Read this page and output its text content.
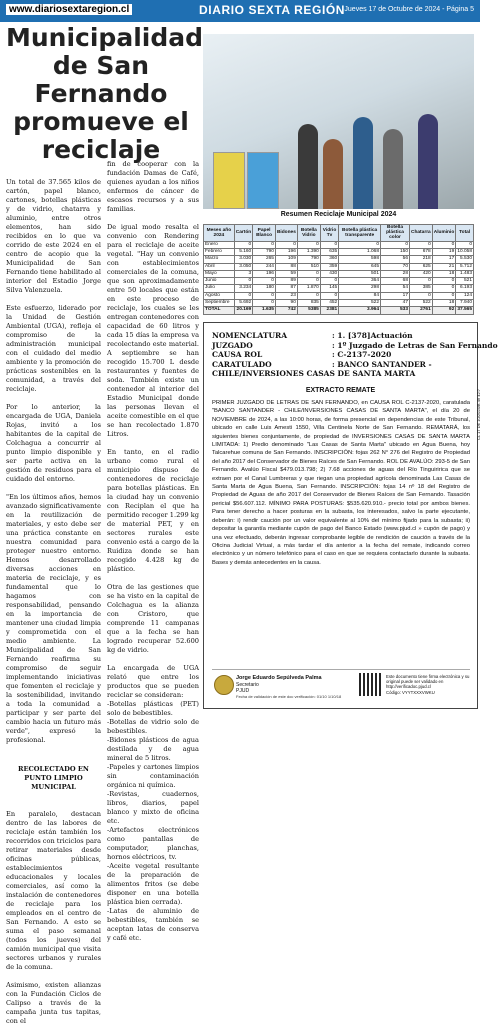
www.diariosextaregion.cl	DIARIO SEXTA REGIÓN Jueves 17 de Octubre de 2024 - Página 5
Municipalidad de San Fernando promueve el reciclaje

Un total de 37.565 kilos de cartón, papel blanco, cartones, botellas plásticas y de vidrio, chatarra y aluminio, entre otros elementos, han sido recibidos en lo que va corrido de este 2024 en el centro de acopio que la Municipalidad de San Fernando tiene habilitado al interior del Estadio Jorge Silva Valenzuela.

Este esfuerzo, liderado por la Unidad de Gestión Ambiental (UGA), refleja el compromiso de la administración municipal con el cuidado del medio ambiente y la promoción de prácticas sostenibles en la comunidad, a través del reciclaje.

Por lo anterior, la encargada de UGA, Daniela Rojas, invitó a los habitantes de la capital de Colchagua a concurrir al punto limpio disponible y ser parte activa en la gestión de residuos para el cuidado del entorno.

"En los últimos años, hemos avanzado significativamente en la reutilización de materiales, y esto debe ser una práctica constante en nuestra comunidad para proteger nuestro entorno. Hemos desarrollado diversas acciones en materia de reciclaje, y es fundamental que lo hagamos con responsabilidad, pensando en la importancia de mantener una ciudad limpia y comprometida con el medio ambiente. La Municipalidad de San Fernando reafirma su compromiso de seguir implementando iniciativas que fomenten el reciclaje y la sostenibilidad, invitando a toda la comunidad a participar y ser parte del cambio hacia un futuro más verde", expresó la profesional.

RECOLECTADO EN PUNTO LIMPIO MUNICIPAL

En paralelo, destacan dentro de las labores de reciclaje están también los recorridos con triciclos para retirar materiales desde oficinas públicas, establecimientos educacionales y locales comerciales, así como la instalación de contenedores de reciclaje para los empleados en el centro de San Fernando. A esto se suma el paso semanal (todos los jueves) del camión municipal que visita sectores urbanos y rurales de la comuna.

Asimismo, existen alianzas con la Fundación Ciclos de Calipso a través de la campaña junta tus tapitas, con el

fin de cooperar con la fundación Damas de Café, quienes ayudan a los niños enfermos de cáncer de escasos recursos y a sus familias.

De igual modo resalta el convenio con Rendering para el reciclaje de aceite vegetal. "Hay un convenio con establecimientos comerciales de la comuna, que son aproximadamente entre 50 locales que están en este proceso de reciclaje, los cuales se les entregan contenedores con capacidad de 60 litros y cada 15 días la empresa va recolectando este material. A septiembre se han recogido 15.700 L desde restaurantes y fuentes de soda. También existe un contenedor al interior del Estadio Municipal donde las personas llevan el aceite comestible en el que se han recolectado 1.870 Litros.

En tanto, en el radio urbano como rural el municipio dispuso de contenedores de reciclaje para botellas plásticas. En la ciudad hay un convenio con Reciplan el que ha permitido recoger 1.299 kg de material PET, y en sectores rurales este convenio está a cargo de la Ruidiza donde se han recogido 4.428 kg de plástico.

Otra de las gestiones que se ha visto en la capital de Colchagua es la alianza con Cristoro, que comprende 11 campanas que a la fecha se han logrado recuperar 52.600 kg de vidrio.

La encargada de UGA relató que entre los productos que se pueden reciclar se consideran:
-Botellas plásticas (PET) solo de bebestibles.
-Botellas de vidrio solo de bebestibles.
-Bidones plásticos de agua destilada y de agua mineral de 5 litros.
-Papeles y cartones limpios sin contaminación orgánica ni química.
-Revistas, cuadernos, libros, diarios, papel blanco y mixto de oficina etc.
-Artefactos electrónicos como pantallas de computador, planchas, hornos eléctricos, tv.
-Aceite vegetal resultante de la preparación de alimentos fritos (se debe disponer en una botella plástica bien cerrada).
-Latas de aluminio de bebestibles, también se aceptan latas de conserva y café etc.
Resumen Reciclaje Municipal 2024
Meses año 2024	Cartón	Papel Blanco	Bidones	Botella Vidrio	Vidrio Tv	Botella plástica transparente	Botella plástica color	Chatarra	Aluminio	Total
Enero	0	0	0	0	0	0	0	0	0	0
Febrero	5.160	790	196	1.390	635	1.068	150	678	19	10.058
Marzo	3.030	265	109	790	360	598	56	218	17	5.530
Abril	3.050	244	88	510	359	645	70	625	21	5.712
Mayo	3	196	59	0	430	501	28	420	18	1.483
Junio	0	0	89	0	0	364	68	0	0	521
Julio	3.234	180	87	1.870	145	298	54	385	0	6.193
Agosto	0	0	23	0	0	84	17	0	0	124
Septiembre	5.692	0	90	835	452	522	47	522	18	7.940
TOTAL	20.169	1.635	742	5385	2381	3.964	533	2761	92	37.565
NOMENCLATURA	: 1. [378]Actuación
JUZGADO	: 1º Juzgado de Letras de San Fernando
CAUSA ROL	: C-2137-2020
CARATULADO	: BANCO SANTANDER -
CHILE/INVERSIONES CASAS DE SANTA MARTA
EXTRACTO REMATE
PRIMER JUZGADO DE LETRAS DE SAN FERNANDO, en CAUSA ROL C-2137-2020, caratulada "BANCO SANTANDER - CHILE/INVERSIONES CASAS DE SANTA MARTA", el día 20 de NOVIEMBRE de 2024, a las 10:00 horas, de forma presencial en dependencias de este Tribunal, ubicado en calle Luis Amesti 1550, Villa Centinela Norte de San Fernando. REMATARÁ, los siguientes bienes conjuntamente, de propiedad de INVERSIONES CASAS DE SANTA MARTA LIMITADA: 1) Predio denominado "Las Casas de Santa Marta" ubicado en Agua Buena, hoy Talcarehue comuna de San Fernando. INSCRIPCIÓN: fojas 262 N° 276 del Registro de Propiedad del año 2017 del Conservador de Bienes Raíces de San Fernando. ROL DE AVALÚO: 293-5 de San Fernando. Avalúo Fiscal $479.013.798; 2) 7.68 acciones de aguas del Río Tinguiririca que se extraen por el Canal Lumbreras y que riegan una propiedad agrícola denominada Las Casas de Santa Marta de Agua Buena, San Fernando. INSCRIPCIÓN: fojas 14 nº 18 del Registro de Propiedad de Aguas de año 2017 del Conservador de Bienes Raíces de San Fernando. Tasación pericial $56.607.112. MÍNIMO PARA POSTURAS: $535.620.910.- precio total por ambos bienes. Para tener derecho a hacer posturas en la subasta, los interesados, salvo la parte ejecutante, deberán: i) rendir caución por un valor equivalente al 10% del mínimo fijado para la subasta; ii) depositar la garantía mediante cupón de pago del Banco Estado (www.pjud.cl » cupón de pago) y una vez efectuado, deberán ingresar comprobante legible de rendición de caución a través de la Oficina Judicial Virtual, a más tardar el día anterior a la fecha del remate, indicando correo electrónico y un número telefónico para el caso en que se requiera contactarlo durante la subasta. Bases y demás antecedentes en la causa.
Jorge Eduardo Sepúlveda Palma
Secretario
PJUD
Fecha de validación de este doc verificación: 01/10 1/10/18
Este documento tiene firma electrónica y su original puede ser validado en http://verificadoc.pjud.cl
Código: VYYTXXXVWKU
CL 17 DE 10/2024/B 49 42:7
